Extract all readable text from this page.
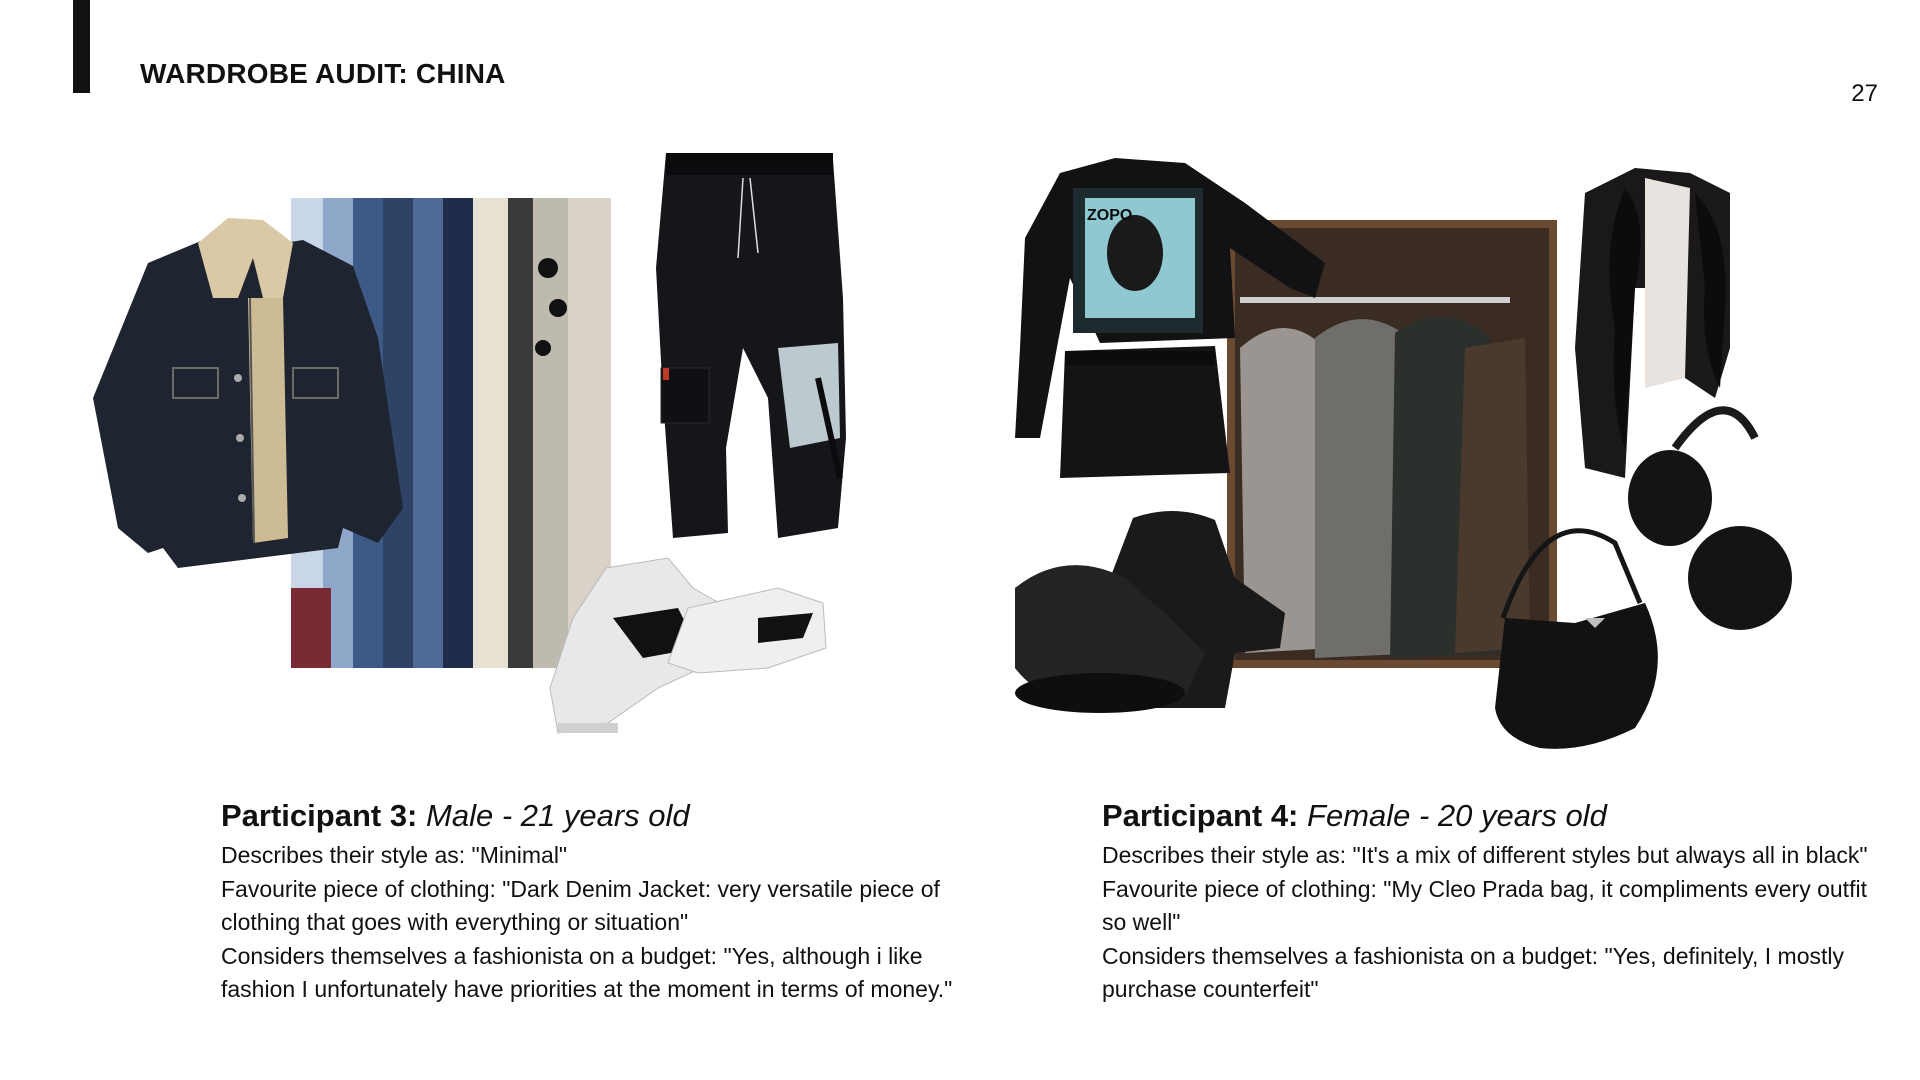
WARDROBE AUDIT: CHINA
27
ZOPO
Participant 3: Male - 21 years old

Describes their style as: "Minimal"

Favourite piece of clothing: "Dark Denim Jacket: very versatile piece of clothing that goes with everything or situation"

Considers themselves a fashionista on a budget: "Yes, although i like fashion I unfortunately have priorities at the moment in terms of money."

Participant 4: Female - 20 years old

Describes their style as: "It's a mix of different styles but always all in black"

Favourite piece of clothing: "My Cleo Prada bag, it compliments every outfit so well"

Considers themselves a fashionista on a budget: "Yes, definitely, I mostly purchase counterfeit"
